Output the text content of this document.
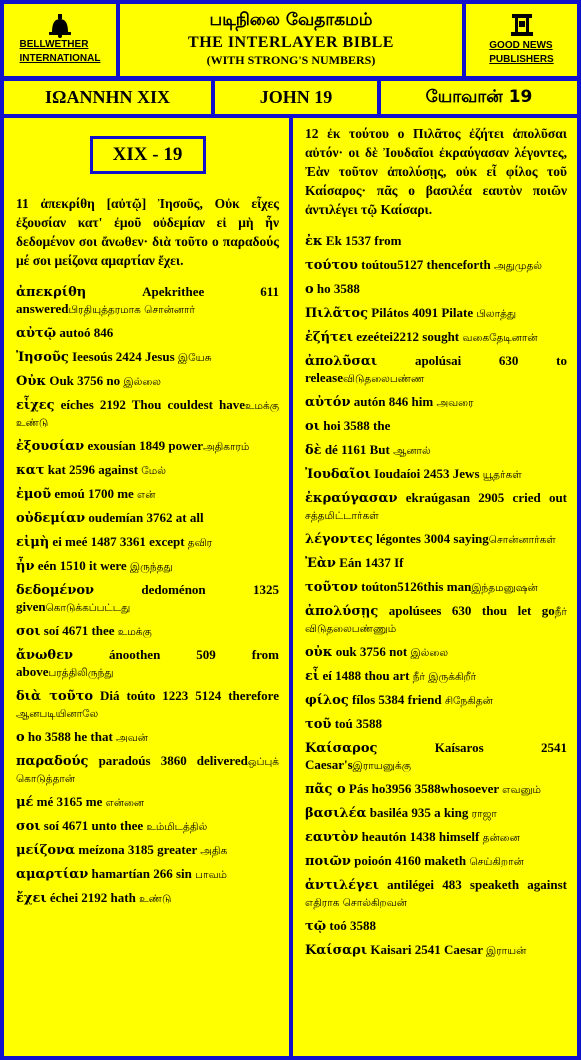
BELLWETHER
INTERNATIONAL
படிநிலை வேதாகமம்
THE INTERLAYER BIBLE
(WITH STRONG'S NUMBERS)
GOOD NEWS
PUBLISHERS
ΙΩΑΝΝΗΝ XIX	JOHN 19	யோவான் 19
XIX - 19
11 ἀπεκρίθη [αὐτῷ] Ἰησοῦς, Οὐκ εἶχες ἐξουσίαν κατ' ἐμοῦ οὐδεμίαν εἰ μὴ ἦν δεδομένον σοι ἄνωθεν· διὰ τοῦτο ο παραδούς μέ σοι μείζονα αμαρτίαν ἔχει.
ἀπεκρίθη Apekrithee 611 answeredபிரதியுத்தரமாக சொன்னார்
αὐτῷ autoó 846
Ἰησοῦς Ieesoús 2424 Jesus இயேசு
Οὐκ Ouk 3756 no இல்லை
εἶχες eíches 2192 Thou couldest haveஉமக்கு உண்டு
ἐξουσίαν exousían 1849 powerஅதிகாரம்
κατ kat 2596 against மேல்
ἐμοῦ emoú 1700 me என்
οὐδεμίαν oudemían 3762 at all
εἰμὴ ei meé 1487 3361 except தவிர
ἦν eén 1510 it were இருந்தது
δεδομένον dedoménon 1325 givenகொடுக்கப்பட்டது
σοι soí 4671 thee உமக்கு
ἄνωθεν ánoothen 509 from aboveபரத்திலிருந்து
διὰ τοῦτο Diá toúto 1223 5124 therefore ஆனபடியினாலே
ο ho 3588 he that அவன்
παραδούς paradoús 3860 deliveredஒப்புக் கொடுத்தான்
μέ mé 3165 me என்னை
σοι soí 4671 unto thee உம்மிடத்தில்
μείζονα meízona 3185 greater அதிக
αμαρτίαν hamartían 266 sin பாவம்
ἔχει échei 2192 hath உண்டு
12 ἐκ τούτου ο Πιλᾶτος ἐζήτει ἀπολῦσαι αὐτόν· οι δὲ Ἰουδαῖοι ἐκραύγασαν λέγοντες, Ἐὰν τοῦτον ἀπολύσῃς, οὐκ εἶ φίλος τοῦ Καίσαρος· πᾶς ο βασιλέα εαυτὸν ποιῶν ἀντιλέγει τῷ Καίσαρι.
ἐκ Ek 1537 from
τούτου toútou5127 thenceforth அதுமுதல்
ο ho 3588
Πιλᾶτος Pilátos 4091 Pilate பிலாத்து
ἐζήτει ezeétei2212 sought வகைதேடினான்
ἀπολῦσαι apolúsai 630 to releaseவிடுதலைபண்ண
αὐτόν autón 846 him அவரை
οι hoi 3588 the
δὲ dé 1161 But ஆனால்
Ἰουδαῖοι Ioudaíoi 2453 Jews யூதர்கள்
ἐκραύγασαν ekraúgasan 2905 cried out சத்தமிட்டார்கள்
λέγοντες légontes 3004 sayingசொன்னார்கள்
Ἐὰν Eán 1437 If
τοῦτον toúton5126this manஇந்தமனுஷன்
ἀπολύσῃς apolúsees 630 thou let goநீர் விடுதலைபண்ணும்
οὐκ ouk 3756 not இல்லை
εἶ eí 1488 thou art நீர் இருக்கிறீர்
φίλος fílos 5384 friend சிநேகிதன்
τοῦ toú 3588
Καίσαρος Kaísaros 2541 Caesar'sஇராயனுக்கு
πᾶς ο Pás ho3956 3588whosoever எவனும்
βασιλέα basiléa 935 a king ராஜா
εαυτὸν heautón 1438 himself தன்னை
ποιῶν poioón 4160 maketh செய்கிறான்
ἀντιλέγει antilégei 483 speaketh against எதிராக சொல்கிறவன்
τῷ toó 3588
Καίσαρι Kaisari 2541 Caesar இராயன்
